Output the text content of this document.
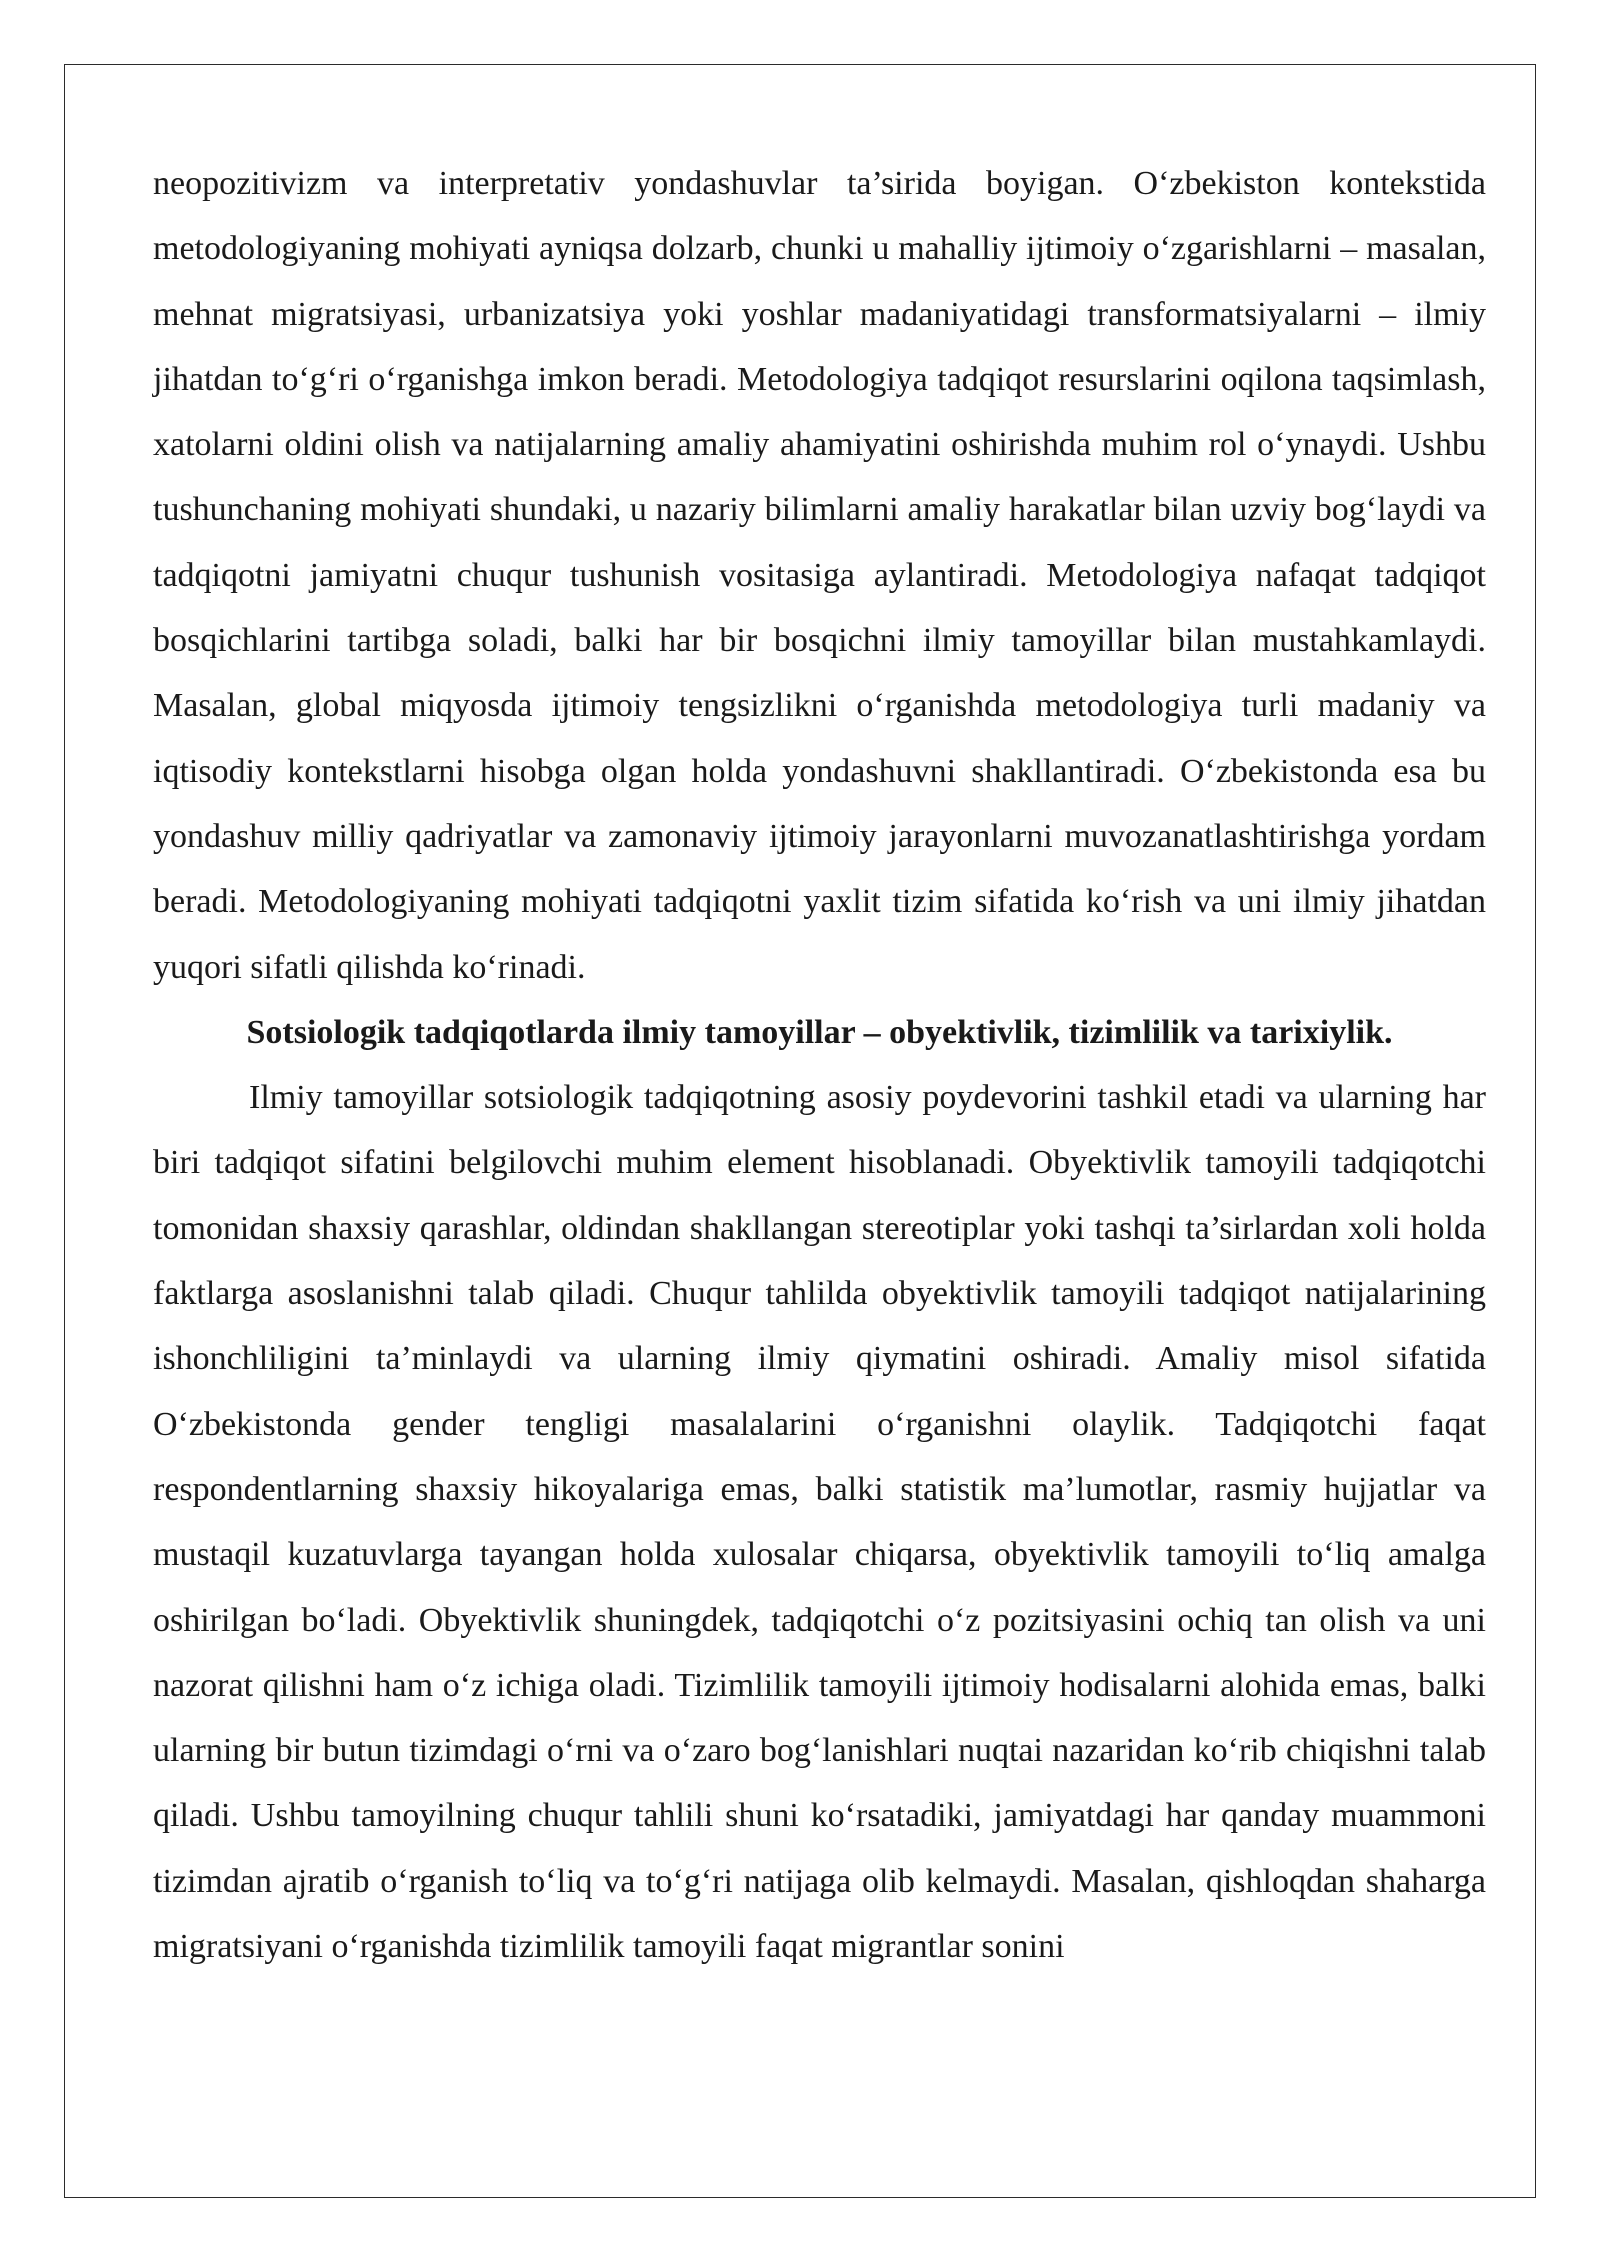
neopozitivizm va interpretativ yondashuvlar ta’sirida boyigan. O‘zbekiston kontekstida metodologiyaning mohiyati ayniqsa dolzarb, chunki u mahalliy ijtimoiy o‘zgarishlarni – masalan, mehnat migratsiyasi, urbanizatsiya yoki yoshlar madaniyatidagi transformatsiyalarni – ilmiy jihatdan to‘g‘ri o‘rganishga imkon beradi. Metodologiya tadqiqot resurslarini oqilona taqsimlash, xatolarni oldini olish va natijalarning amaliy ahamiyatini oshirishda muhim rol o‘ynaydi. Ushbu tushunchaning mohiyati shundaki, u nazariy bilimlarni amaliy harakatlar bilan uzviy bog‘laydi va tadqiqotni jamiyatni chuqur tushunish vositasiga aylantiradi. Metodologiya nafaqat tadqiqot bosqichlarini tartibga soladi, balki har bir bosqichni ilmiy tamoyillar bilan mustahkamlaydi. Masalan, global miqyosda ijtimoiy tengsizlikni o‘rganishda metodologiya turli madaniy va iqtisodiy kontekstlarni hisobga olgan holda yondashuvni shakllantiradi. O‘zbekistonda esa bu yondashuv milliy qadriyatlar va zamonaviy ijtimoiy jarayonlarni muvozanatlashtirishga yordam beradi. Metodologiyaning mohiyati tadqiqotni yaxlit tizim sifatida ko‘rish va uni ilmiy jihatdan yuqori sifatli qilishda ko‘rinadi.

Sotsiologik tadqiqotlarda ilmiy tamoyillar – obyektivlik, tizimlilik va tarixiylik.

Ilmiy tamoyillar sotsiologik tadqiqotning asosiy poydevorini tashkil etadi va ularning har biri tadqiqot sifatini belgilovchi muhim element hisoblanadi. Obyektivlik tamoyili tadqiqotchi tomonidan shaxsiy qarashlar, oldindan shakllangan stereotiplar yoki tashqi ta’sirlardan xoli holda faktlarga asoslanishni talab qiladi. Chuqur tahlilda obyektivlik tamoyili tadqiqot natijalarining ishonchliligini ta’minlaydi va ularning ilmiy qiymatini oshiradi. Amaliy misol sifatida O‘zbekistonda gender tengligi masalalarini o‘rganishni olaylik. Tadqiqotchi faqat respondentlarning shaxsiy hikoyalariga emas, balki statistik ma’lumotlar, rasmiy hujjatlar va mustaqil kuzatuvlarga tayangan holda xulosalar chiqarsa, obyektivlik tamoyili to‘liq amalga oshirilgan bo‘ladi. Obyektivlik shuningdek, tadqiqotchi o‘z pozitsiyasini ochiq tan olish va uni nazorat qilishni ham o‘z ichiga oladi. Tizimlilik tamoyili ijtimoiy hodisalarni alohida emas, balki ularning bir butun tizimdagi o‘rni va o‘zaro bog‘lanishlari nuqtai nazaridan ko‘rib chiqishni talab qiladi. Ushbu tamoyilning chuqur tahlili shuni ko‘rsatadiki, jamiyatdagi har qanday muammoni tizimdan ajratib o‘rganish to‘liq va to‘g‘ri natijaga olib kelmaydi. Masalan, qishloqdan shaharga migratsiyani o‘rganishda tizimlilik tamoyili faqat migrantlar sonini
